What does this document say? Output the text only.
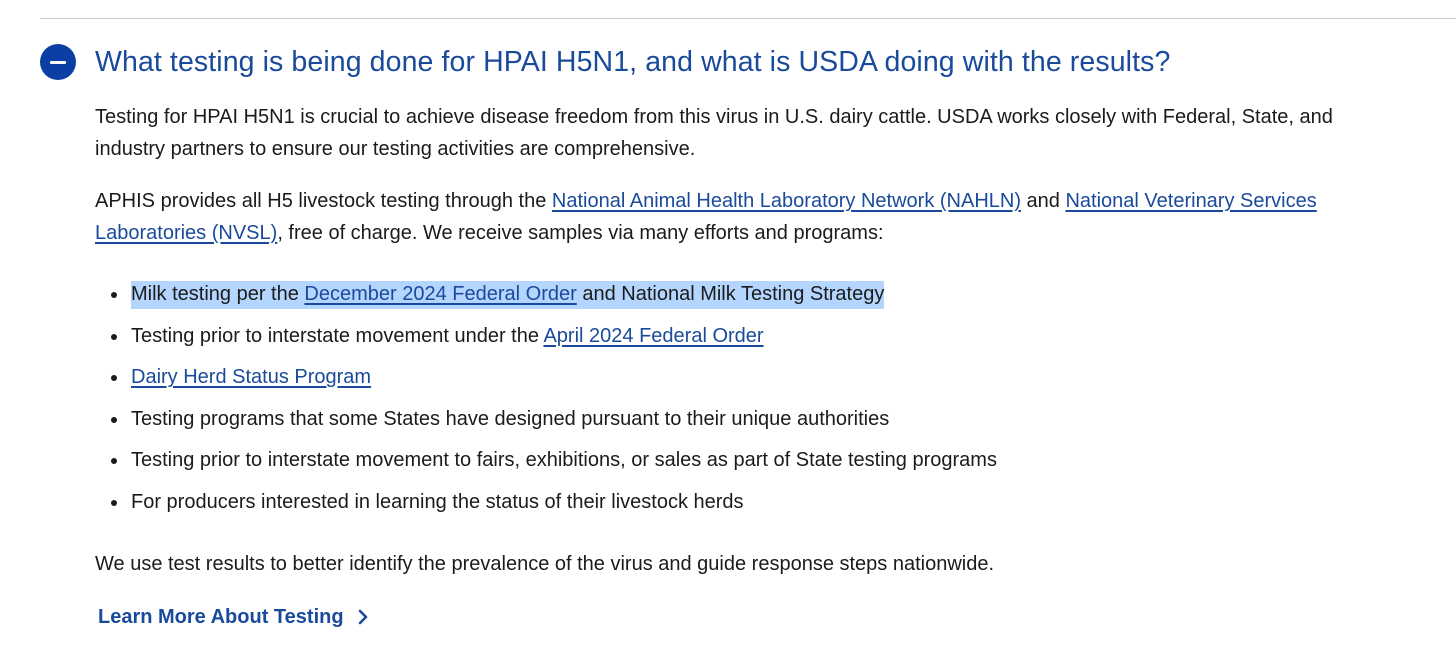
What testing is being done for HPAI H5N1, and what is USDA doing with the results?

Testing for HPAI H5N1 is crucial to achieve disease freedom from this virus in U.S. dairy cattle. USDA works closely with Federal, State, and industry partners to ensure our testing activities are comprehensive.

APHIS provides all H5 livestock testing through the National Animal Health Laboratory Network (NAHLN) and National Veterinary Services Laboratories (NVSL), free of charge. We receive samples via many efforts and programs:

Milk testing per the December 2024 Federal Order and National Milk Testing Strategy
Testing prior to interstate movement under the April 2024 Federal Order
Dairy Herd Status Program
Testing programs that some States have designed pursuant to their unique authorities
Testing prior to interstate movement to fairs, exhibitions, or sales as part of State testing programs
For producers interested in learning the status of their livestock herds

We use test results to better identify the prevalence of the virus and guide response steps nationwide.

Learn More About Testing
